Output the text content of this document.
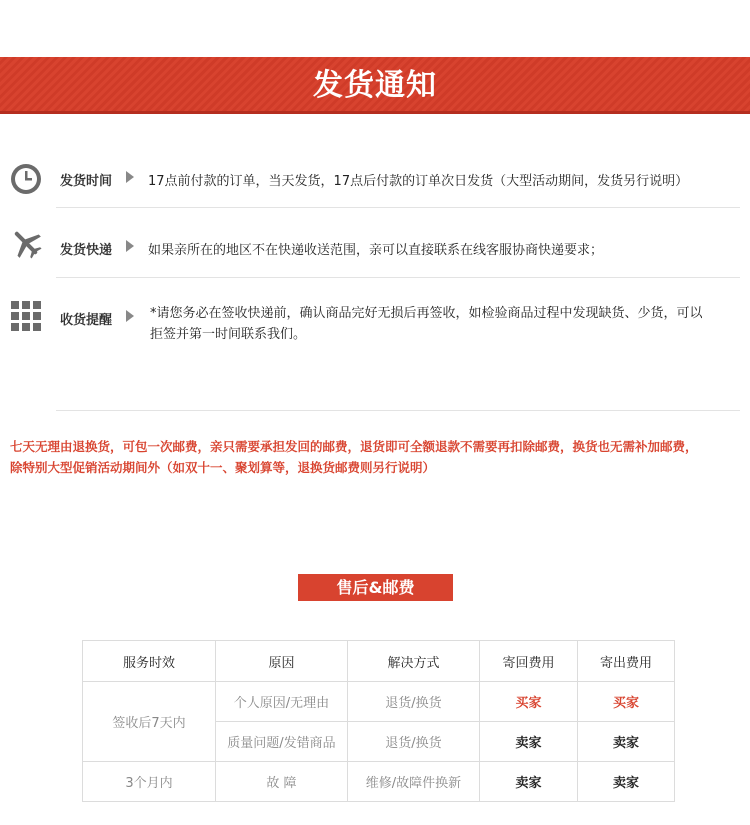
发货通知
发货时间	17点前付款的订单，当天发货，17点后付款的订单次日发货（大型活动期间，发货另行说明）
发货快递	如果亲所在的地区不在快递收送范围，亲可以直接联系在线客服协商快递要求；
收货提醒	*请您务必在签收快递前，确认商品完好无损后再签收，如检验商品过程中发现缺货、少货，可以
拒签并第一时间联系我们。
七天无理由退换货，可包一次邮费，亲只需要承担发回的邮费，退货即可全额退款不需要再扣除邮费，换货也无需补加邮费，
除特别大型促销活动期间外（如双十一、聚划算等，退换货邮费则另行说明）
售后&邮费
服务时效	原因	解决方式	寄回费用	寄出费用
签收后7天内	个人原因/无理由	退货/换货	买家	买家
	质量问题/发错商品	退货/换货	卖家	卖家
3个月内	故 障	维修/故障件换新	卖家	卖家
